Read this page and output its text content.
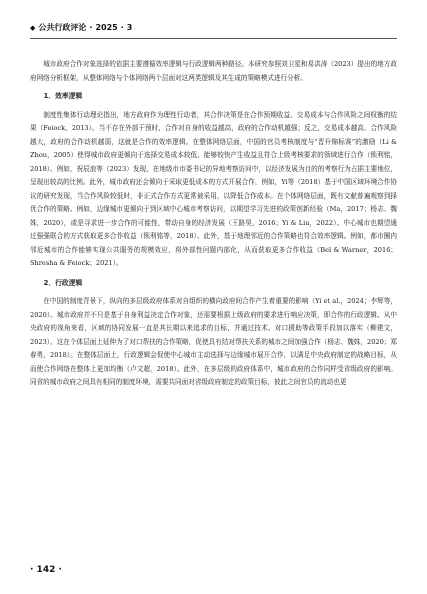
◆ 公共行政评论 · 2025 · 3

城市政府合作对象选择的依据主要遵循效率逻辑与行政逻辑两种路径。本研究参照刘卫星和易洪涛（2023）提出的地方政府网络分析框架，从整体网络与个体网络两个层面对这两类逻辑及其生成的策略模式进行分析。

1．效率逻辑

制度性集体行动理论指出，地方政府作为理性行动者，其合作决策是在合作预期收益、交易成本与合作风险之间权衡的结果（Feiock，2013）。当不存在外部干预时，合作对自身的收益越高，政府的合作动机越强；反之，交易成本越高、合作风险越大，政府的合作动机越弱，这就是合作的效率逻辑。在整体网络层面，中国的官员考核制度与“晋升锦标赛”的激励（Li & Zhou，2005）使得城市政府更倾向于选择交易成本较低、能够较快产生收益且符合上级考核要求的领域进行合作（锁利铭，2018）。例如，祝辰浪等（2023）发现，在地级市市委书记的异地考察访问中，以经济发展为目的的考察行为占据主要地位，呈现出较高的比例。此外，城市政府还会倾向于采取更低成本的方式开展合作，例如，Yi等（2018）基于中国区域环境合作协议的研究发现，当合作风险较低时，非正式合作方式更常被采用，以降低合作成本。在个体网络层面，既有文献普遍观察到择优合作的策略。例如，边缘城市更倾向于到区域中心城市考察访问，以期望学习先进的政策创新经验（Ma，2017；杨志、魏姝，2020），或是寻求进一步合作的可能性，带动自身的经济发展（王路昊，2016；Yi & Liu，2022）。中心城市也期望通过强强联合的方式获取更多合作收益（锁利铭等，2018）。此外，基于地理邻近的合作策略也符合效率逻辑。例如，都市圈内邻近城市的合作能够实现公共服务的规模效应，将外部性问题内部化，从而获取更多合作收益（Bel & Warner，2016；Shresha & Feiock；2021）。

2．行政逻辑

在中国的制度背景下，纵向的多层级政府体系对自组织的横向政府间合作产生着重要的影响（Yi et al.，2024；李辉等，2020）。城市政府并不只是基于自身利益决定合作对象，还需要根据上级政府的要求进行响应决策，即合作的行政逻辑。从中央政府的视角来看，区域的协同发展一直是其长期以来追求的目标，并通过技术、对口援助等政策手段加以落实（柳建文，2023）。这在个体层面上延伸为了对口帮扶的合作策略，促使具有结对帮扶关系的城市之间加强合作（杨志、魏姝，2020；郑春勇，2018）。在整体层面上，行政逻辑会促使中心城市主动选择与边缘城市展开合作，以满足中央政府制定的战略目标，从而使合作网络在整体上更加均衡（卢文超，2018）。此外，在多层级的政府体系中，城市政府的合作同样受省级政府的影响。同省的城市政府之间具有相同的制度环境，需要共同面对省级政府制定的政策目标，彼此之间官员的流动也更

· 142 ·
